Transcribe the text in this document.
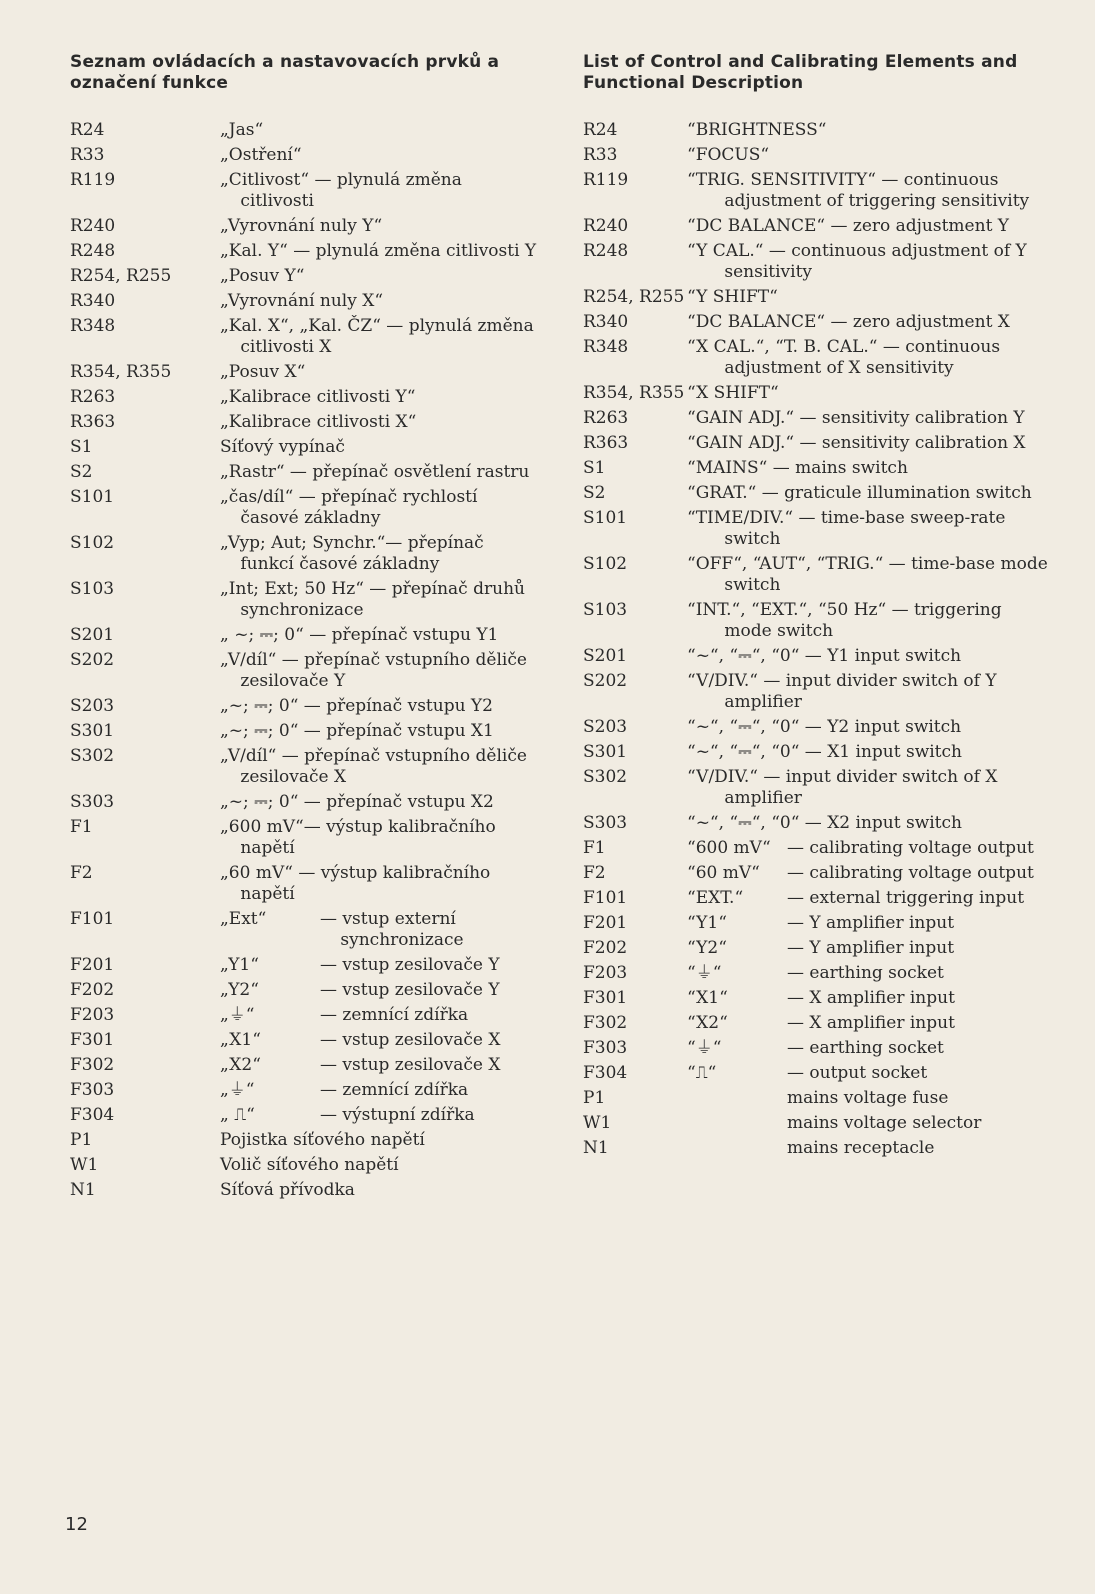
Seznam ovládacích a nastavovacích prvků a označení funkce
R24	„Jas“
R33	„Ostření“
R119	„Citlivost“ — plynulá změna citlivosti
R240	„Vyrovnání nuly Y“
R248	„Kal. Y“ — plynulá změna citlivosti Y
R254, R255	„Posuv Y“
R340	„Vyrovnání nuly X“
R348	„Kal. X“, „Kal. ČZ“ — plynulá změna citlivosti X
R354, R355	„Posuv X“
R263	„Kalibrace citlivosti Y“
R363	„Kalibrace citlivosti X“
S1	Síťový vypínač
S2	„Rastr“ — přepínač osvětlení rastru
S101	„čas/díl“ — přepínač rychlostí časové základny
S102	„Vyp; Aut; Synchr.“— přepínač funkcí časové základny
S103	„Int; Ext; 50 Hz“ — přepínač druhů synchronizace
S201	„ ~; ⎓; 0“ — přepínač vstupu Y1
S202	„V/díl“ — přepínač vstupního děliče zesilovače Y
S203	„~; ⎓; 0“ — přepínač vstupu Y2
S301	„~; ⎓; 0“ — přepínač vstupu X1
S302	„V/díl“ — přepínač vstupního děliče zesilovače X
S303	„~; ⎓; 0“ — přepínač vstupu X2
F1	„600 mV“— výstup kalibračního napětí
F2	„60 mV“ — výstup kalibračního napětí
F101	„Ext“	— vstup externí synchronizace
F201	„Y1“	— vstup zesilovače Y
F202	„Y2“	— vstup zesilovače Y
F203	„⏚“	— zemnící zdířka
F301	„X1“	— vstup zesilovače X
F302	„X2“	— vstup zesilovače X
F303	„⏚“	— zemnící zdířka
F304	„ ⎍“	— výstupní zdířka
P1	Pojistka síťového napětí
W1	Volič síťového napětí
N1	Síťová přívodka
List of Control and Calibrating Elements and Functional Description
R24	“BRIGHTNESS“
R33	“FOCUS“
R119	“TRIG. SENSITIVITY“ — continuous adjustment of triggering sensitivity
R240	“DC BALANCE“ — zero adjustment Y
R248	“Y CAL.“ — continuous adjustment of Y sensitivity
R254, R255 “Y SHIFT“
R340	“DC BALANCE“ — zero adjustment X
R348	“X CAL.“, “T. B. CAL.“ — continuous adjustment of X sensitivity
R354, R355 “X SHIFT“
R263	“GAIN ADJ.“ — sensitivity calibration Y
R363	“GAIN ADJ.“ — sensitivity calibration X
S1	“MAINS“ — mains switch
S2	“GRAT.“ — graticule illumination switch
S101	“TIME/DIV.“ — time-base sweep-rate switch
S102	“OFF“, “AUT“, “TRIG.“ — time-base mode switch
S103	“INT.“, “EXT.“, “50 Hz“ — triggering mode switch
S201	“~“, “⎓“, “0“ — Y1 input switch
S202	“V/DIV.“ — input divider switch of Y amplifier
S203	“~“, “⎓“, “0“ — Y2 input switch
S301	“~“, “⎓“, “0“ — X1 input switch
S302	“V/DIV.“ — input divider switch of X amplifier
S303	“~“, “⎓“, “0“ — X2 input switch
F1	“600 mV“ — calibrating voltage output
F2	“60 mV“	— calibrating voltage output
F101	“EXT.“	— external triggering input
F201	“Y1“	— Y amplifier input
F202	“Y2“	— Y amplifier input
F203	“⏚“	— earthing socket
F301	“X1“	— X amplifier input
F302	“X2“	— X amplifier input
F303	“⏚“	— earthing socket
F304	“⎍“	— output socket
P1	mains voltage fuse
W1	mains voltage selector
N1	mains receptacle
12
